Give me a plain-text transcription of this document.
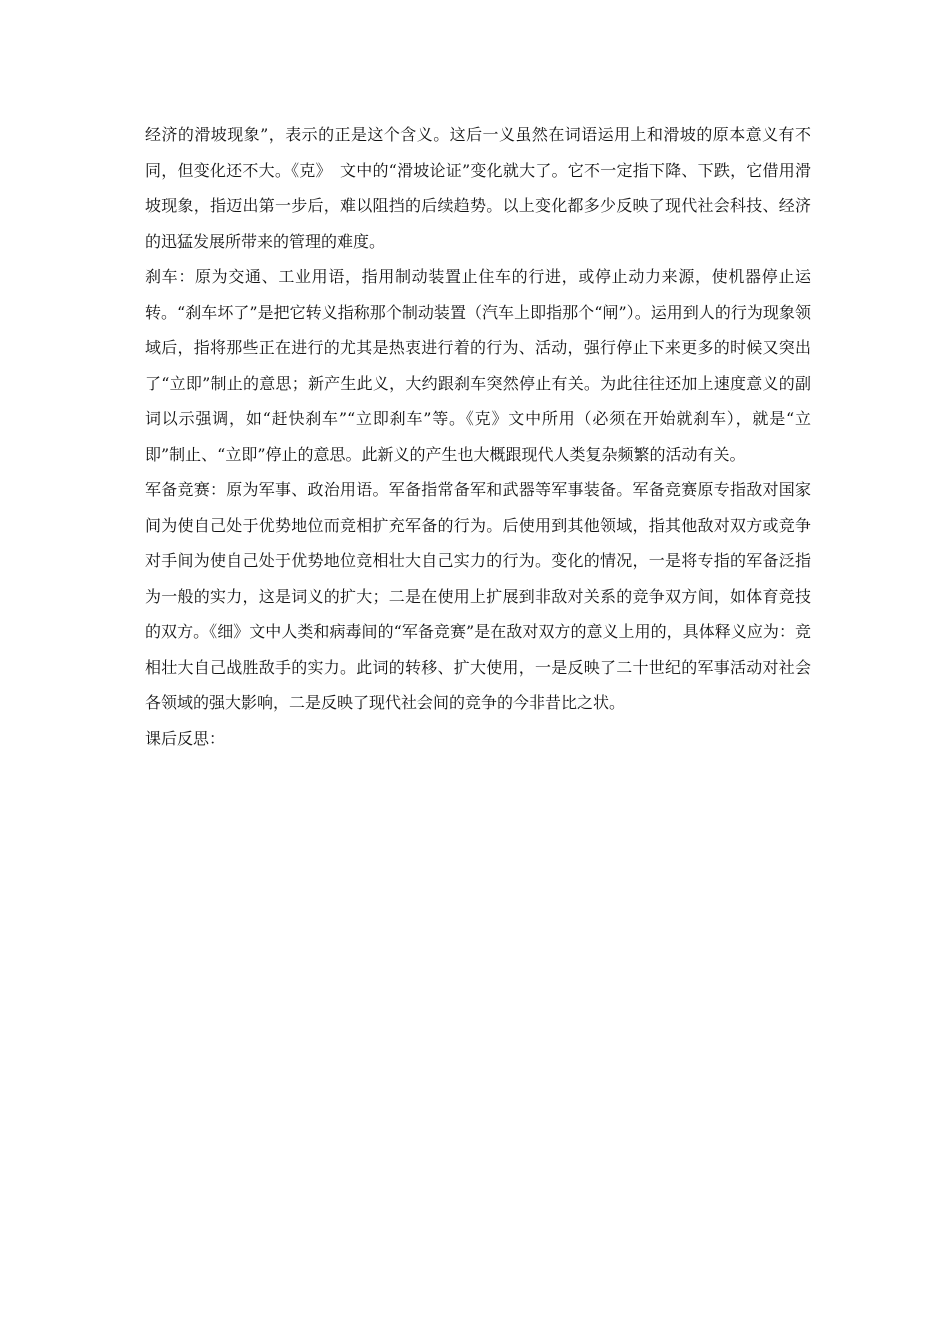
经济的滑坡现象”，表示的正是这个含义。这后一义虽然在词语运用上和滑坡的原本意义有不同，但变化还不大。《克》　文中的“滑坡论证”变化就大了。它不一定指下降、下跌，它借用滑坡现象，指迈出第一步后，难以阻挡的后续趋势。以上变化都多少反映了现代社会科技、经济的迅猛发展所带来的管理的难度。

刹车：原为交通、工业用语，指用制动装置止住车的行进，或停止动力来源，使机器停止运转。“刹车坏了”是把它转义指称那个制动装置（汽车上即指那个“闸”）。运用到人的行为现象领域后，指将那些正在进行的尤其是热衷进行着的行为、活动，强行停止下来更多的时候又突出了“立即”制止的意思；新产生此义，大约跟刹车突然停止有关。为此往往还加上速度意义的副词以示强调，如“赶快刹车”“立即刹车”等。《克》文中所用（必须在开始就刹车），就是“立即”制止、“立即”停止的意思。此新义的产生也大概跟现代人类复杂频繁的活动有关。

军备竞赛：原为军事、政治用语。军备指常备军和武器等军事装备。军备竞赛原专指敌对国家间为使自己处于优势地位而竞相扩充军备的行为。后使用到其他领域，指其他敌对双方或竞争对手间为使自己处于优势地位竞相壮大自己实力的行为。变化的情况，一是将专指的军备泛指为一般的实力，这是词义的扩大；二是在使用上扩展到非敌对关系的竞争双方间，如体育竞技的双方。《细》文中人类和病毒间的“军备竞赛”是在敌对双方的意义上用的，具体释义应为：竞相壮大自己战胜敌手的实力。此词的转移、扩大使用，一是反映了二十世纪的军事活动对社会各领域的强大影响，二是反映了现代社会间的竞争的今非昔比之状。

课后反思：
